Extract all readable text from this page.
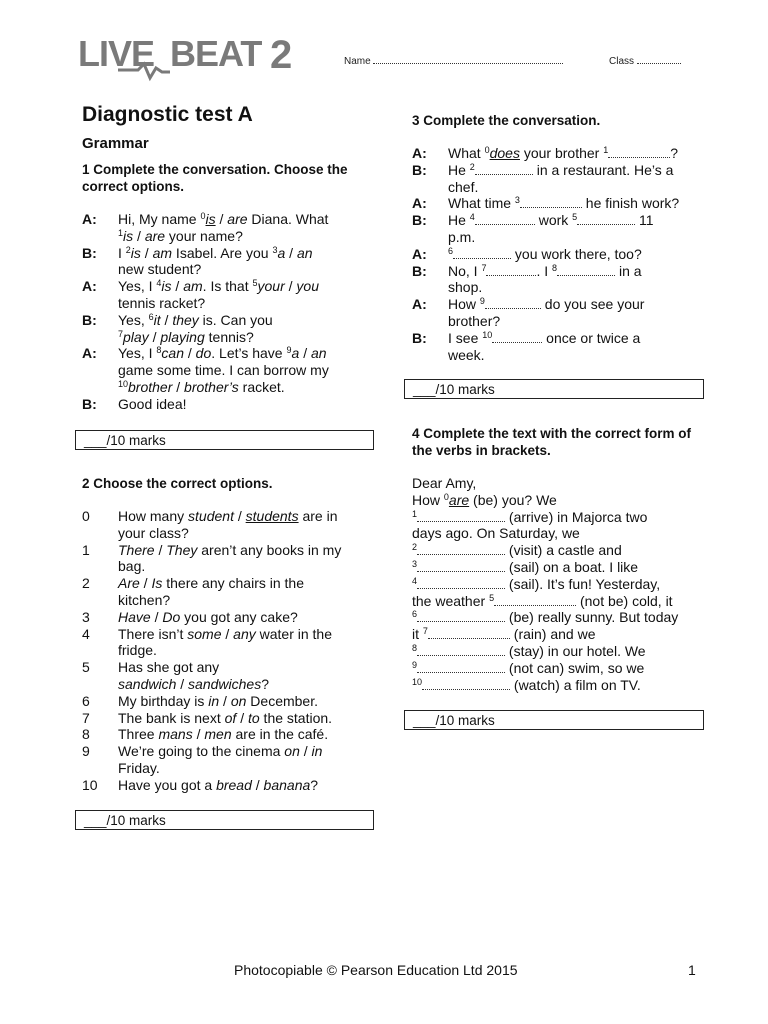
LIVE BEAT 2	Name	Class
Diagnostic test A
Grammar
1 Complete the conversation. Choose the correct options.
A:	Hi, My name $^0$is / are Diana. What
$^1$is / are your name?
B:	I $^2$is / am Isabel. Are you $^3$a / an
new student?
A:	Yes, I $^4$is / am. Is that $^5$your / you
tennis racket?
B:	Yes, $^6$it / they is. Can you
$^7$play / playing tennis?
A:	Yes, I $^8$can / do. Let’s have $^9$a / an
game some time. I can borrow my
$^{10}$brother / brother’s racket.
B:	Good idea!
___/10 marks
2 Choose the correct options.
0	How many student / students are in
your class?
1	There / They aren’t any books in my
bag.
2	Are / Is there any chairs in the
kitchen?
3	Have / Do you got any cake?
4	There isn’t some / any water in the
fridge.
5	Has she got any
sandwich / sandwiches?
6	My birthday is in / on December.
7	The bank is next of / to the station.
8	Three mans / men are in the café.
9	We’re going to the cinema on / in
Friday.
10	Have you got a bread / banana?
___/10 marks
3 Complete the conversation.
A:	What $^0$does your brother $^1$	?
B:	He $^2$	in a restaurant. He’s a
chef.
A:	What time $^3$	he finish work?
B:	He $^4$	work $^5$	11
p.m.
A:	$^6$	you work there, too?
B:	No, I $^7$	. I $^8$	in a
shop.
A:	How $^9$	do you see your
brother?
B:	I see $^{10}$	once or twice a
week.
___/10 marks
4 Complete the text with the correct form of the verbs in brackets.
Dear Amy,
How $^0$are (be) you? We
$^1$	(arrive) in Majorca two
days ago. On Saturday, we
$^2$	(visit) a castle and
$^3$	(sail) on a boat. I like
$^4$	(sail). It’s fun! Yesterday,
the weather $^5$	(not be) cold, it
$^6$	(be) really sunny. But today
it $^7$	(rain) and we
$^8$	(stay) in our hotel. We
$^9$	(not can) swim, so we
$^{10}$	(watch) a film on TV.
___/10 marks
Photocopiable © Pearson Education Ltd 2015	1
